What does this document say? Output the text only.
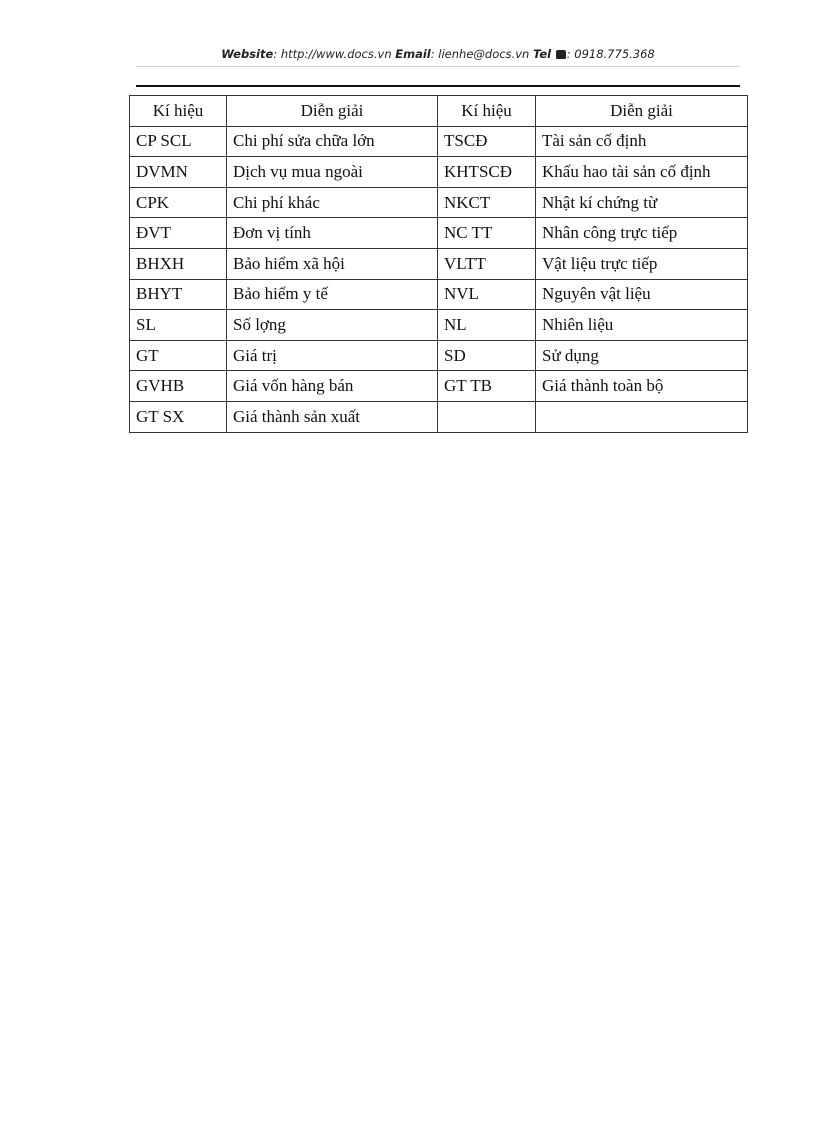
Website: http://www.docs.vn Email: lienhe@docs.vn Tel : 0918.775.368
Kí hiệu	Diễn giải	Kí hiệu	Diễn giải
CP SCL	Chi phí sửa chữa lớn	TSCĐ	Tài sản cố định
DVMN	Dịch vụ mua ngoài	KHTSCĐ	Khấu hao tài sản cố định
CPK	Chi phí khác	NKCT	Nhật kí chứng từ
ĐVT	Đơn vị tính	NC TT	Nhân công trực tiếp
BHXH	Bảo hiểm xã hội	VLTT	Vật liệu trực tiếp
BHYT	Bảo hiểm y tế	NVL	Nguyên vật liệu
SL	Số lợng	NL	Nhiên liệu
GT	Giá trị	SD	Sử dụng
GVHB	Giá vốn hàng bán	GT TB	Giá thành toàn bộ
GT SX	Giá thành sản xuất		
